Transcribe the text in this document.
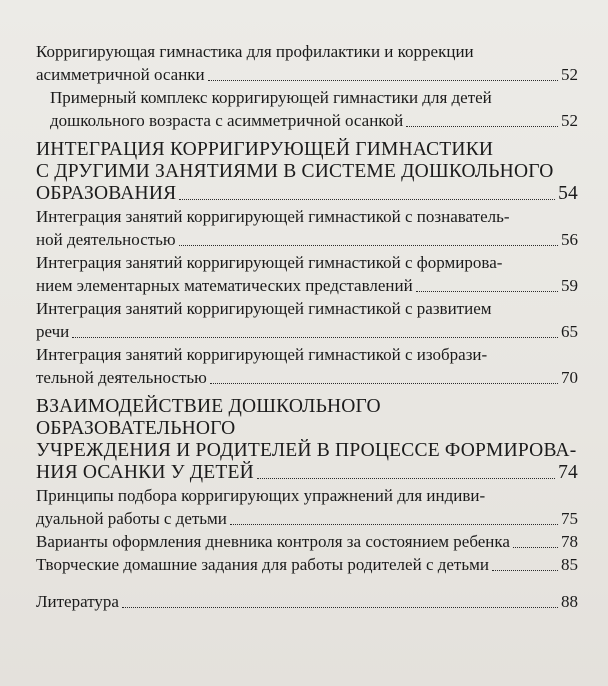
Корригирующая гимнастика для профилактики и коррекции
асимметричной осанки	52
Примерный комплекс корригирующей гимнастики для детей
дошкольного возраста с асимметричной осанкой	52
ИНТЕГРАЦИЯ КОРРИГИРУЮЩЕЙ ГИМНАСТИКИ
С ДРУГИМИ ЗАНЯТИЯМИ В СИСТЕМЕ ДОШКОЛЬНОГО
ОБРАЗОВАНИЯ	54
Интеграция занятий корригирующей гимнастикой с познаватель-
ной деятельностью	56
Интеграция занятий корригирующей гимнастикой с формирова-
нием элементарных математических представлений	59
Интеграция занятий корригирующей гимнастикой с развитием
речи	65
Интеграция занятий корригирующей гимнастикой с изобрази-
тельной деятельностью	70
ВЗАИМОДЕЙСТВИЕ ДОШКОЛЬНОГО ОБРАЗОВАТЕЛЬНОГО
УЧРЕЖДЕНИЯ И РОДИТЕЛЕЙ В ПРОЦЕССЕ ФОРМИРОВА-
НИЯ ОСАНКИ У ДЕТЕЙ	74
Принципы подбора корригирующих упражнений для индиви-
дуальной работы с детьми	75
Варианты оформления дневника контроля за состоянием ребенка	78
Творческие домашние задания для работы родителей с детьми	85
Литература	88
